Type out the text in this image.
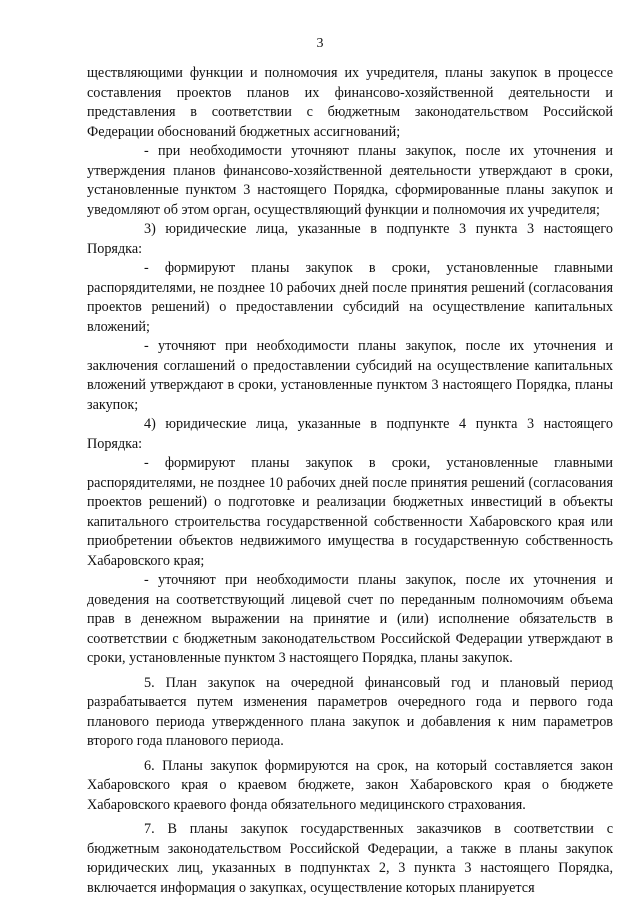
3

ществляющими функции и полномочия их учредителя, планы закупок в процессе составления проектов планов их финансово-хозяйственной деятельности и представления в соответствии с бюджетным законодательством Российской Федерации обоснований бюджетных ассигнований;

- при необходимости уточняют планы закупок, после их уточнения и утверждения планов финансово-хозяйственной деятельности утверждают в сроки, установленные пунктом 3 настоящего Порядка, сформированные планы закупок и уведомляют об этом орган, осуществляющий функции и полномочия их учредителя;

3) юридические лица, указанные в подпункте 3 пункта 3 настоящего Порядка:

- формируют планы закупок в сроки, установленные главными распорядителями, не позднее 10 рабочих дней после принятия решений (согласования проектов решений) о предоставлении субсидий на осуществление капитальных вложений;

- уточняют при необходимости планы закупок, после их уточнения и заключения соглашений о предоставлении субсидий на осуществление капитальных вложений утверждают в сроки, установленные пунктом 3 настоящего Порядка, планы закупок;

4) юридические лица, указанные в подпункте 4 пункта 3 настоящего Порядка:

- формируют планы закупок в сроки, установленные главными распорядителями, не позднее 10 рабочих дней после принятия решений (согласования проектов решений) о подготовке и реализации бюджетных инвестиций в объекты капитального строительства государственной собственности Хабаровского края или приобретении объектов недвижимого имущества в государственную собственность Хабаровского края;

- уточняют при необходимости планы закупок, после их уточнения и доведения на соответствующий лицевой счет по переданным полномочиям объема прав в денежном выражении на принятие и (или) исполнение обязательств в соответствии с бюджетным законодательством Российской Федерации утверждают в сроки, установленные пунктом 3 настоящего Порядка, планы закупок.

5. План закупок на очередной финансовый год и плановый период разрабатывается путем изменения параметров очередного года и первого года планового периода утвержденного плана закупок и добавления к ним параметров второго года планового периода.

6. Планы закупок формируются на срок, на который составляется закон Хабаровского края о краевом бюджете, закон Хабаровского края о бюджете Хабаровского краевого фонда обязательного медицинского страхования.

7. В планы закупок государственных заказчиков в соответствии с бюджетным законодательством Российской Федерации, а также в планы закупок юридических лиц, указанных в подпунктах 2, 3 пункта 3 настоящего Порядка, включается информация о закупках, осуществление которых планируется
